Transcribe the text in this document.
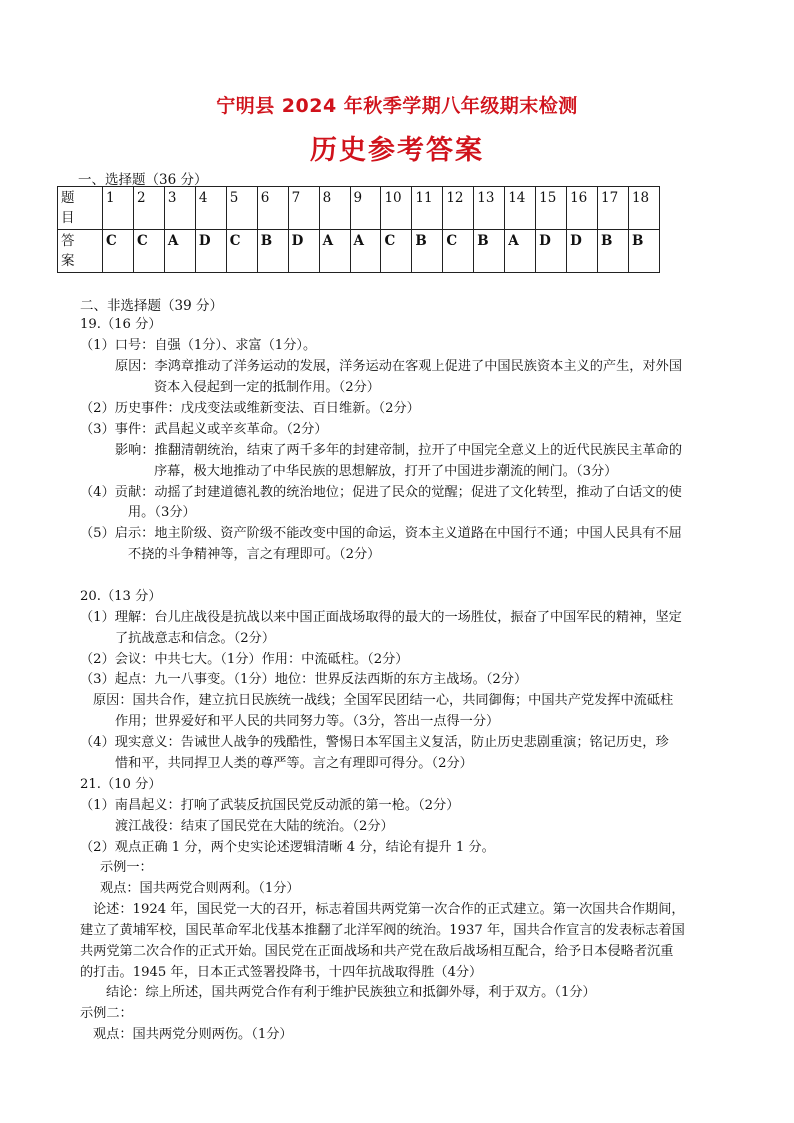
宁明县 2024 年秋季学期八年级期末检测
历史参考答案
一、选择题（36 分）
题
目	1	2	3	4	5	6	7	8	9	10	11	12	13	14	15	16	17	18
答
案	C	C	A	D	C	B	D	A	A	C	B	C	B	A	D	D	B	B
二、非选择题（39 分）
19.（16 分）
（1）口号：自强（1分）、求富（1分）。
原因：李鸿章推动了洋务运动的发展，洋务运动在客观上促进了中国民族资本主义的产生，对外国
资本入侵起到一定的抵制作用。（2分）
（2）历史事件：戊戌变法或维新变法、百日维新。（2分）
（3）事件：武昌起义或辛亥革命。（2分）
影响：推翻清朝统治，结束了两千多年的封建帝制，拉开了中国完全意义上的近代民族民主革命的
序幕，极大地推动了中华民族的思想解放，打开了中国进步潮流的闸门。（3分）
（4）贡献：动摇了封建道德礼教的统治地位；促进了民众的觉醒；促进了文化转型，推动了白话文的使
用。（3分）
（5）启示：地主阶级、资产阶级不能改变中国的命运，资本主义道路在中国行不通；中国人民具有不屈
不挠的斗争精神等，言之有理即可。（2分）
20.（13 分）
（1）理解：台儿庄战役是抗战以来中国正面战场取得的最大的一场胜仗，振奋了中国军民的精神，坚定
了抗战意志和信念。（2分）
（2）会议：中共七大。（1分）作用：中流砥柱。（2分）
（3）起点：九一八事变。（1分）地位：世界反法西斯的东方主战场。（2分）
原因：国共合作，建立抗日民族统一战线；全国军民团结一心，共同御侮；中国共产党发挥中流砥柱
作用；世界爱好和平人民的共同努力等。（3分，答出一点得一分）
（4）现实意义：告诫世人战争的残酷性，警惕日本军国主义复活，防止历史悲剧重演；铭记历史，珍
惜和平，共同捍卫人类的尊严等。言之有理即可得分。（2分）
21.（10 分）
（1）南昌起义：打响了武装反抗国民党反动派的第一枪。（2分）
渡江战役：结束了国民党在大陆的统治。（2分）
（2）观点正确 1 分，两个史实论述逻辑清晰 4 分，结论有提升 1 分。
示例一：
观点：国共两党合则两利。（1分）
论述：1924 年，国民党一大的召开，标志着国共两党第一次合作的正式建立。第一次国共合作期间，
建立了黄埔军校，国民革命军北伐基本推翻了北洋军阀的统治。1937 年，国共合作宣言的发表标志着国
共两党第二次合作的正式开始。国民党在正面战场和共产党在敌后战场相互配合，给予日本侵略者沉重
的打击。1945 年，日本正式签署投降书，十四年抗战取得胜（4分）
结论：综上所述，国共两党合作有利于维护民族独立和抵御外辱，利于双方。（1分）
示例二：
观点：国共两党分则两伤。（1分）
